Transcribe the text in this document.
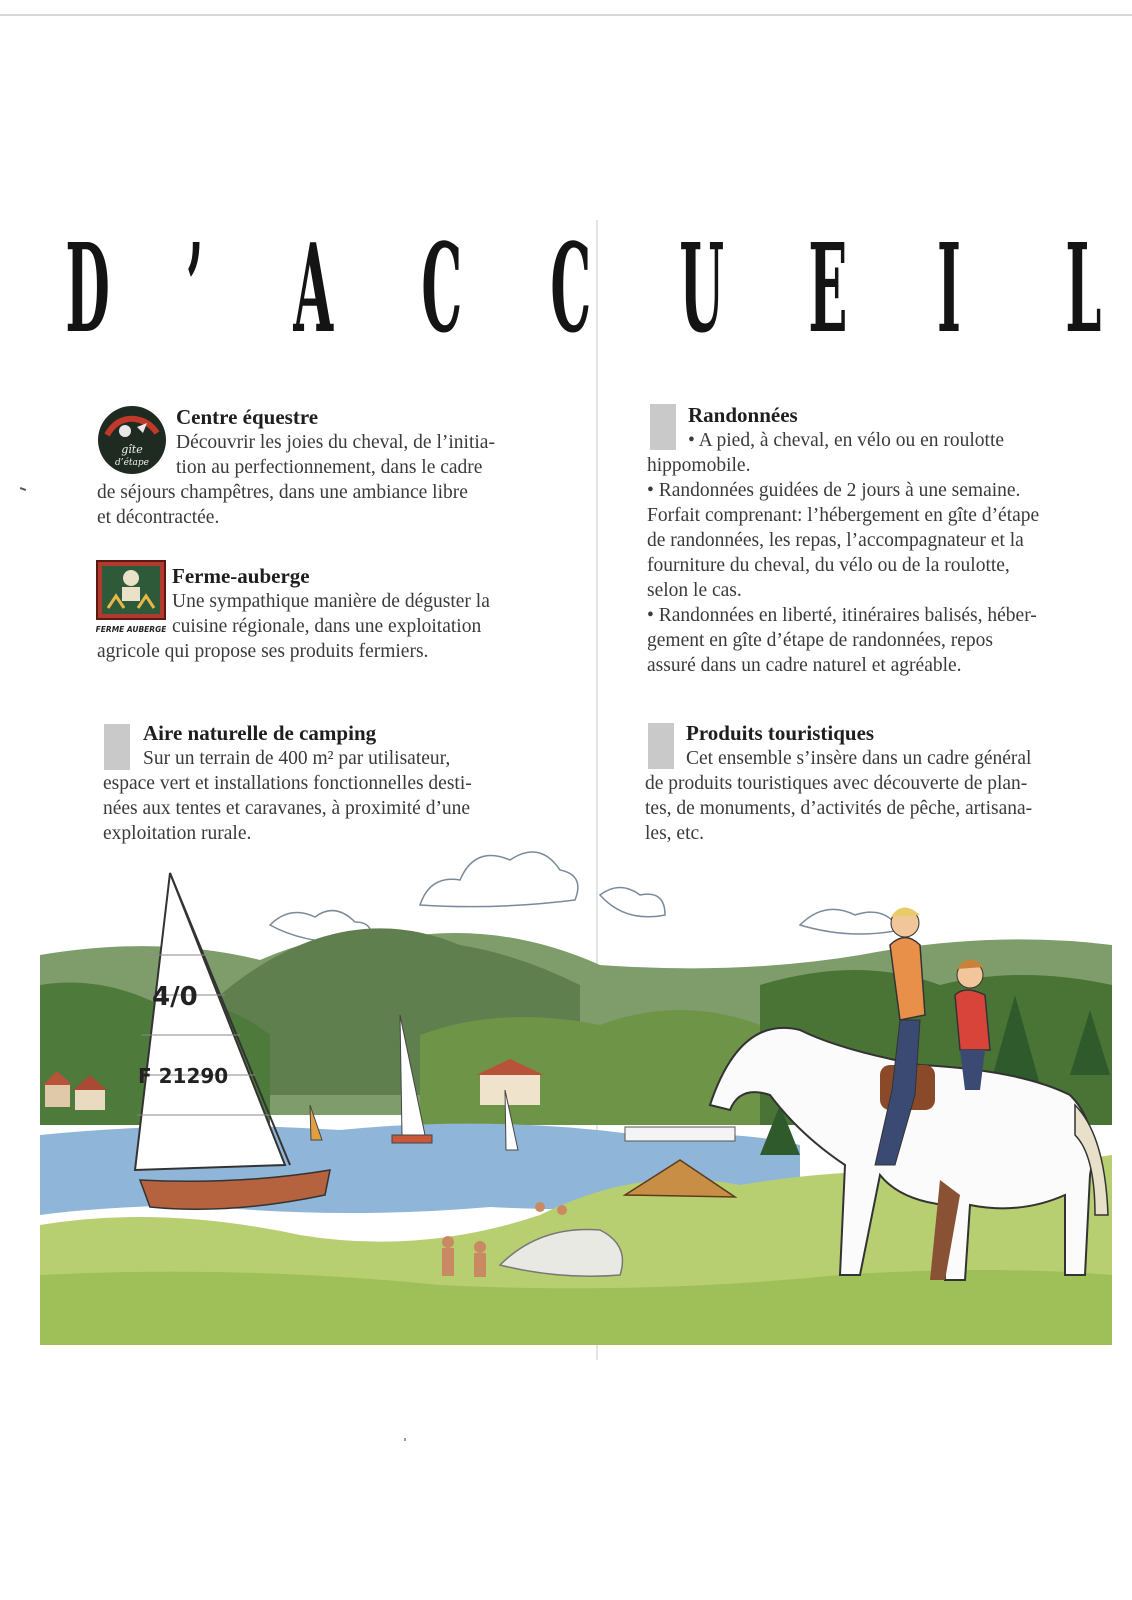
D ’ A C C U E I L
gîte
d’étape
Centre équestre

Découvrir les joies du cheval, de l’initia-

tion au perfectionnement, dans le cadre

de séjours champêtres, dans une ambiance libre

et décontractée.

FERME AUBERGE
Ferme-auberge

Une sympathique manière de déguster la

cuisine régionale, dans une exploitation

agricole qui propose ses produits fermiers.

Aire naturelle de camping

Sur un terrain de 400 m² par utilisateur,

espace vert et installations fonctionnelles desti-

nées aux tentes et caravanes, à proximité d’une

exploitation rurale.

Randonnées

• A pied, à cheval, en vélo ou en roulotte

hippomobile.

• Randonnées guidées de 2 jours à une semaine.

Forfait comprenant: l’hébergement en gîte d’étape

de randonnées, les repas, l’accompagnateur et la

fourniture du cheval, du vélo ou de la roulotte,

selon le cas.

• Randonnées en liberté, itinéraires balisés, héber-

gement en gîte d’étape de randonnées, repos

assuré dans un cadre naturel et agréable.

Produits touristiques

Cet ensemble s’insère dans un cadre général

de produits touristiques avec découverte de plan-

tes, de monuments, d’activités de pêche, artisana-

les, etc.

4/0
F 21290
